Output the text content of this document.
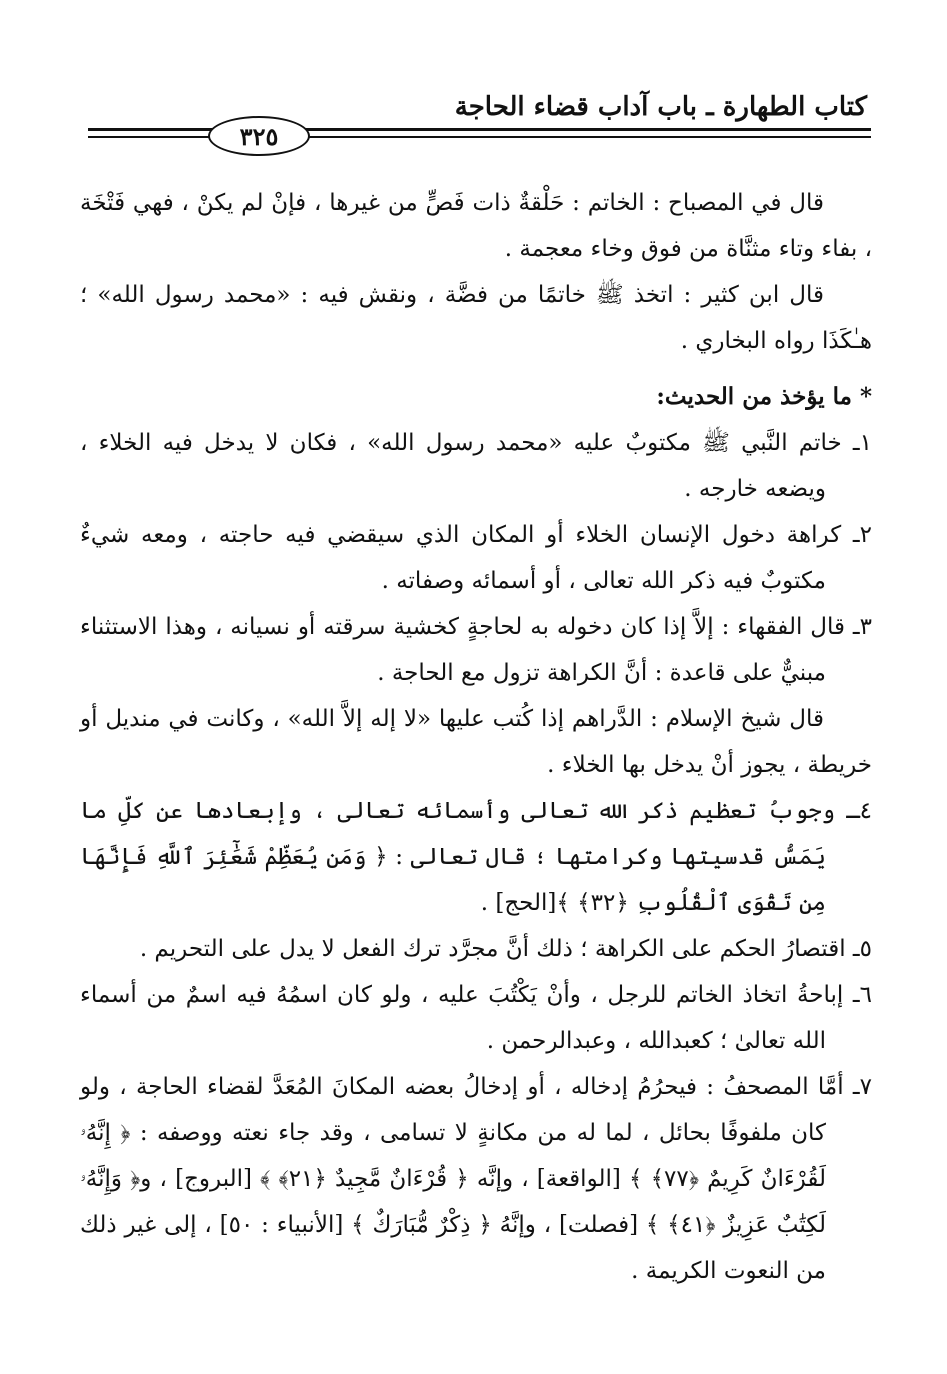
كتاب الطهارة ـ باب آداب قضاء الحاجة
٣٢٥

قال في المصباح : الخاتم : حَلْقةٌ ذات فَصٍّ من غيرها ، فإنْ لم يكنْ ، فهي فَتْخَة ، بفاء وتاء مثنَّاة من فوق وخاء معجمة .

قال ابن كثير : اتخذ ﷺ خاتمًا من فضَّة ، ونقش فيه : «محمد رسول الله» ؛ هـٰكَذَا رواه البخاري .

* ما يؤخذ من الحديث:

١ـ خاتم النَّبي ﷺ مكتوبٌ عليه «محمد رسول الله» ، فكان لا يدخل فيه الخلاء ، ويضعه خارجه .

٢ـ كراهة دخول الإنسان الخلاء أو المكان الذي سيقضي فيه حاجته ، ومعه شيءٌ مكتوبٌ فيه ذكر الله تعالى ، أو أسمائه وصفاته .

٣ـ قال الفقهاء : إلاَّ إذا كان دخوله به لحاجةٍ كخشية سرقته أو نسيانه ، وهذا الاستثناء مبنيٌّ على قاعدة : أنَّ الكراهة تزول مع الحاجة .

قال شيخ الإسلام : الدَّراهم إذا كُتب عليها «لا إله إلاَّ الله» ، وكانت في منديل أو خريطة ، يجوز أنْ يدخل بها الخلاء .

٤ـ وجوبُ تعظيم ذكر الله تعالى وأسمائه تعالى ، وإبعادها عن كلِّ ما يَمَسُّ قدسيتها وكرامتها ؛ قال تعالى : ﴿ وَمَن يُعَظِّمْ شَعَٰٓئِرَ ٱللَّهِ فَإِنَّهَا مِن تَقْوَى ٱلْقُلُوبِ ﴿٣٢﴾ ﴾[الحج] .

٥ـ اقتصارُ الحكم على الكراهة ؛ ذلك أنَّ مجرَّد ترك الفعل لا يدل على التحريم .

٦ـ إباحةُ اتخاذ الخاتم للرجل ، وأنْ يَكْتُبَ عليه ، ولو كان اسمُهُ فيه اسمٌ من أسماء الله تعالىٰ ؛ كعبدالله ، وعبدالرحمن .

٧ـ أمَّا المصحفُ : فيحرُمُ إدخاله ، أو إدخالُ بعضه المكانَ المُعَدَّ لقضاء الحاجة ، ولو كان ملفوفًا بحائل ، لما له من مكانةٍ لا تسامى ، وقد جاء نعته ووصفه : ﴿ إِنَّهُۥ لَقُرْءَانٌ كَرِيمٌ ﴿٧٧﴾ ﴾ [الواقعة] ، وإنَّه ﴿ قُرْءَانٌ مَّجِيدٌ ﴿٢١﴾ ﴾ [البروج] ، و﴿ وَإِنَّهُۥ لَكِتَٰبٌ عَزِيزٌ ﴿٤١﴾ ﴾ [فصلت] ، وإنَّهُ ﴿ ذِكْرٌ مُّبَارَكٌ ﴾ [الأنبياء : ٥٠] ، إلى غير ذلك من النعوت الكريمة .
